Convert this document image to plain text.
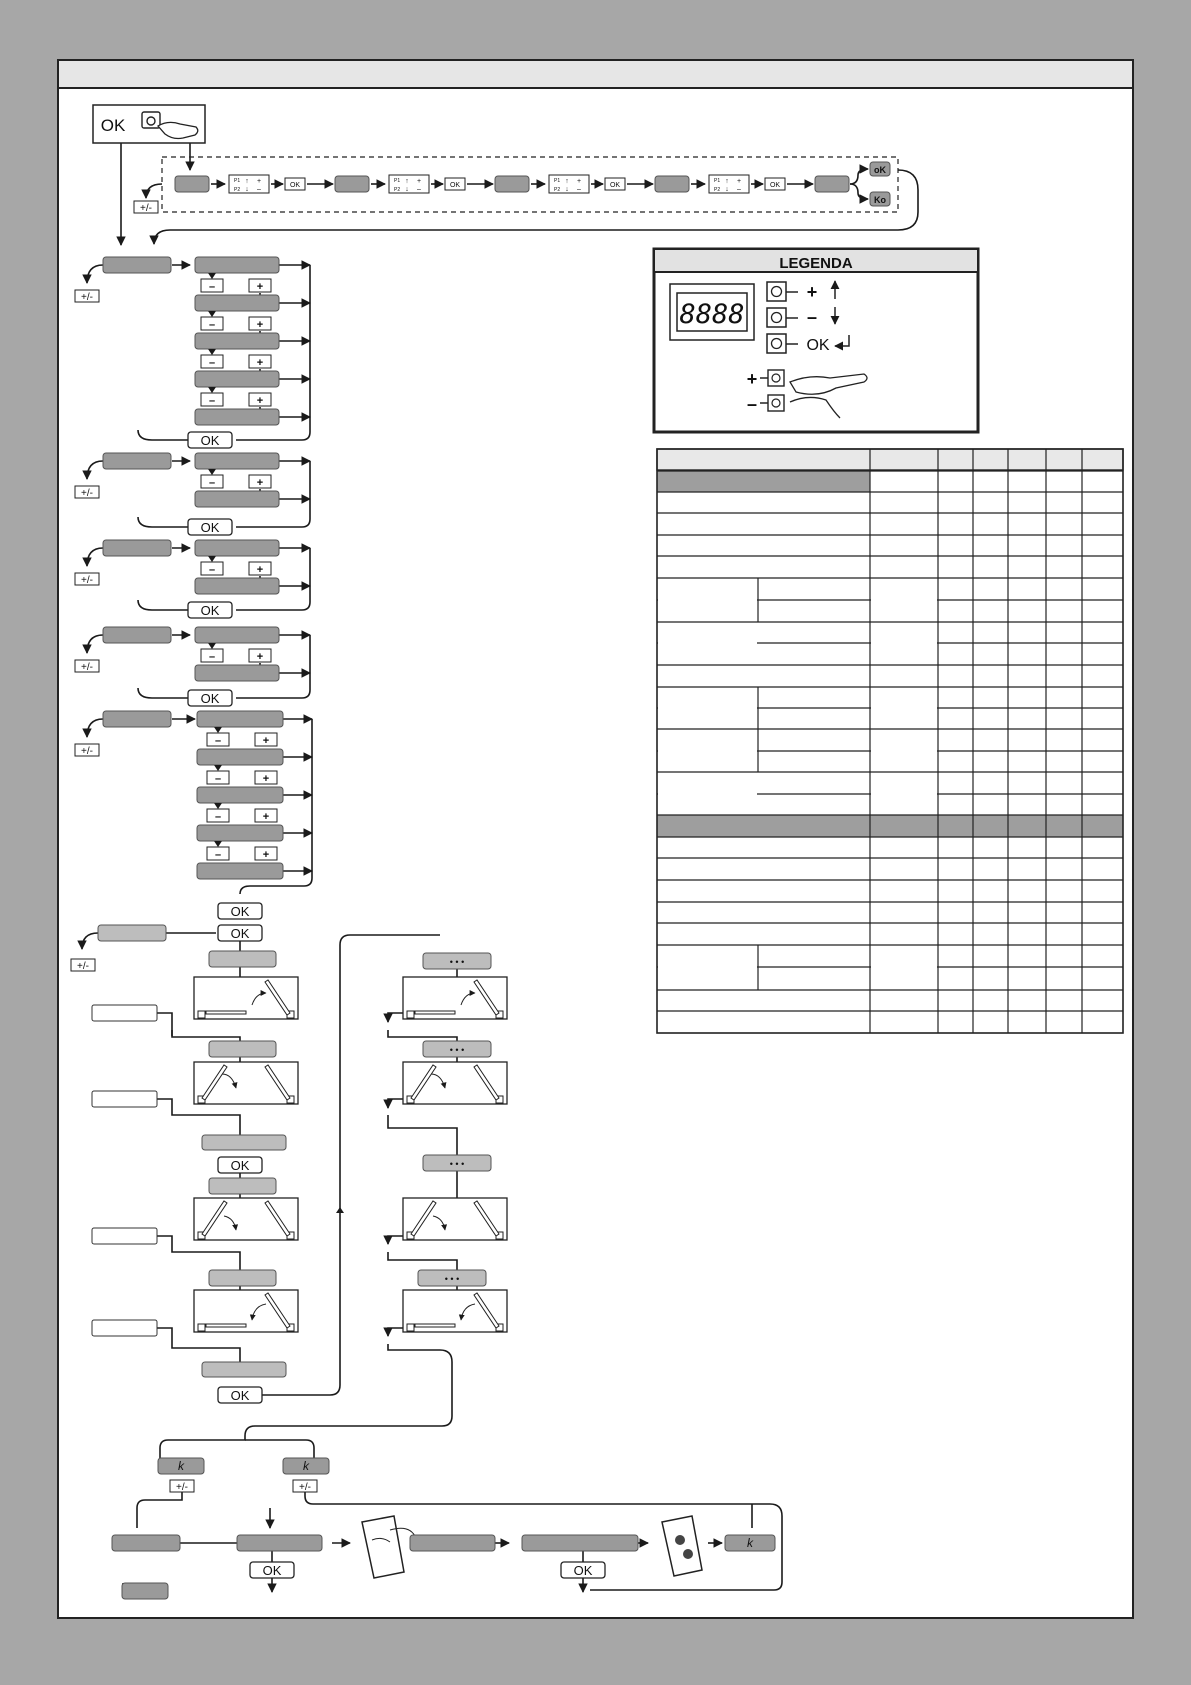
OK
+/-
P1
P2
↑
↓
+
–
OK
P1
P2
↑
↓
+
–
OK
P1
P2
↑
↓
+
–
OK
P1
P2
↑
↓
+
–
OK
oK
Ko
+/-
–	+
–	+
–	+
–	+
OK
+/-
–	+
OK
+/-
–	+
OK
+/-
–	+
OK
+/-
–	+
–	+
–	+
–	+
OK
OK
+/-
OK
OK
• • •
• • •
• • •
• • •
k
+/-
k
+/-
OK	OK
k
LEGENDA
8888
+
–
OK
+
–
